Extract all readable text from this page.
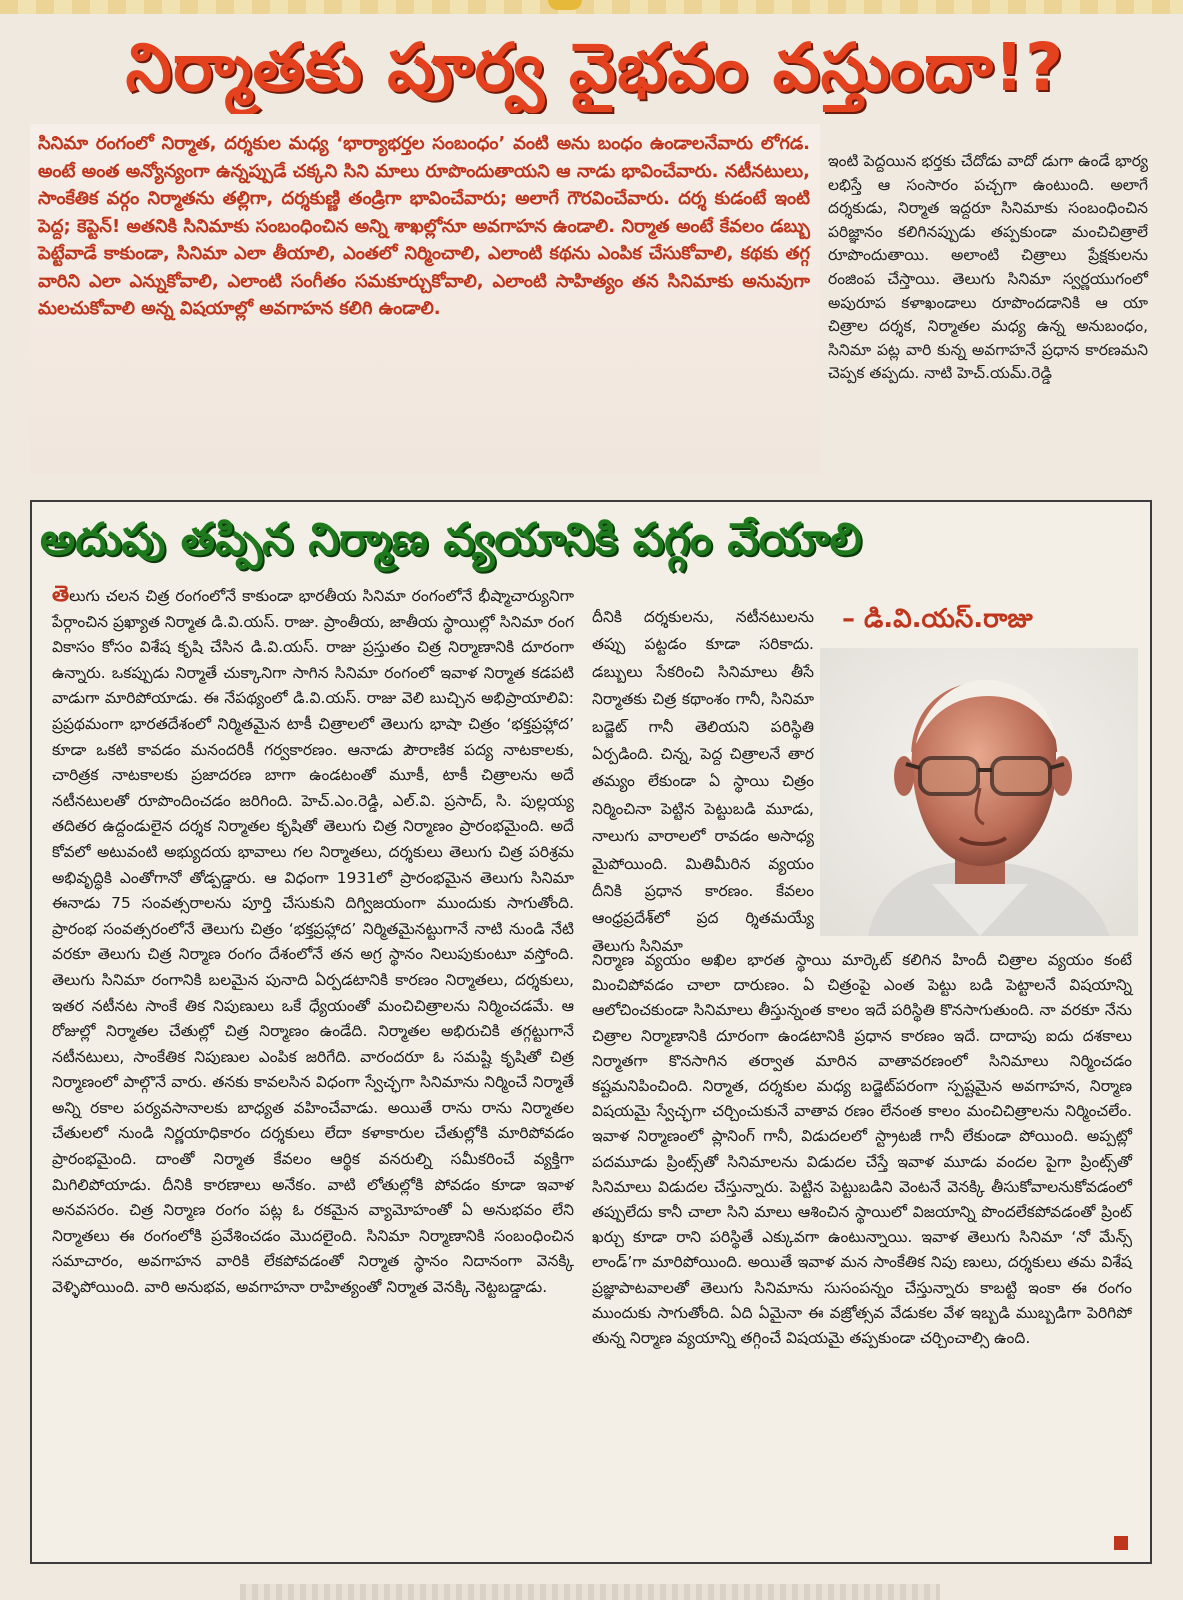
నిర్మాతకు పూర్వ వైభవం వస్తుందా!?

సినిమా రంగంలో నిర్మాత, దర్శకుల మధ్య ‘భార్యాభర్తల సంబంధం’ వంటి అను బంధం ఉండాలనేవారు లోగడ. అంటే అంత అన్యోన్యంగా ఉన్నప్పుడే చక్కని సిని మాలు రూపొందుతాయని ఆ నాడు భావించేవారు. నటీనటులు, సాంకేతిక వర్గం నిర్మాతను తల్లిగా, దర్శకుణ్ణి తండ్రిగా భావించేవారు; అలాగే గౌరవించేవారు. దర్శ కుడంటే ఇంటి పెద్ద; కెప్టెన్! అతనికి సినిమాకు సంబంధించిన అన్ని శాఖల్లోనూ అవగాహన ఉండాలి. నిర్మాత అంటే కేవలం డబ్బు పెట్టేవాడే కాకుండా, సినిమా ఎలా తీయాలి, ఎంతలో నిర్మించాలి, ఎలాంటి కథను ఎంపిక చేసుకోవాలి, కథకు తగ్గ వారిని ఎలా ఎన్నుకోవాలి, ఎలాంటి సంగీతం సమకూర్చుకోవాలి, ఎలాంటి సాహిత్యం తన సినిమాకు అనువుగా మలచుకోవాలి అన్న విషయాల్లో అవగాహన కలిగి ఉండాలి.

ఇంటి పెద్దయిన భర్తకు చేదోడు వాదో డుగా ఉండే భార్య లభిస్తే ఆ సంసారం పచ్చగా ఉంటుంది. అలాగే దర్శకుడు, నిర్మాత ఇద్దరూ సినిమాకు సంబంధించిన పరిజ్ఞానం కలిగినప్పుడు తప్పకుండా మంచిచిత్రాలే రూపొందుతాయి. అలాంటి చిత్రాలు ప్రేక్షకులను రంజింప చేస్తాయి. తెలుగు సినిమా స్వర్ణయుగంలో అపురూప కళాఖండాలు రూపొందడానికి ఆ యా చిత్రాల దర్శక, నిర్మాతల మధ్య ఉన్న అనుబంధం, సినిమా పట్ల వారి కున్న అవగాహనే ప్రధాన కారణమని చెప్పక తప్పదు. నాటి హెచ్.యమ్.రెడ్డి

అదుపు తప్పిన నిర్మాణ వ్యయానికి పగ్గం వేయాలి

– డి.వి.యస్.రాజు

తెలుగు చలన చిత్ర రంగంలోనే కాకుండా భారతీయ సినిమా రంగంలోనే భీష్మాచార్యునిగా పేర్గాంచిన ప్రఖ్యాత నిర్మాత డి.వి.యస్. రాజు. ప్రాంతీయ, జాతీయ స్థాయిల్లో సినిమా రంగ వికాసం కోసం విశేష కృషి చేసిన డి.వి.యస్. రాజు ప్రస్తుతం చిత్ర నిర్మాణానికి దూరంగా ఉన్నారు. ఒకప్పుడు నిర్మాతే చుక్కానిగా సాగిన సినిమా రంగంలో ఇవాళ నిర్మాత కడపటి వాడుగా మారిపోయాడు. ఈ నేపథ్యంలో డి.వి.యస్. రాజు వెలి బుచ్చిన అభిప్రాయాలివి: ప్రప్రథమంగా భారతదేశంలో నిర్మితమైన టాకీ చిత్రాలలో తెలుగు భాషా చిత్రం ‘భక్తప్రహ్లాద’ కూడా ఒకటి కావడం మనందరికీ గర్వకారణం. ఆనాడు పౌరాణిక పద్య నాటకాలకు, చారిత్రక నాటకాలకు ప్రజాదరణ బాగా ఉండటంతో మూకీ, టాకీ చిత్రాలను అదే నటీనటులతో రూపొందించడం జరిగింది. హెచ్.ఎం.రెడ్డి, ఎల్.వి. ప్రసాద్, సి. పుల్లయ్య తదితర ఉద్దండులైన దర్శక నిర్మాతల కృషితో తెలుగు చిత్ర నిర్మాణం ప్రారంభమైంది. అదే కోవలో అటువంటి అభ్యుదయ భావాలు గల నిర్మాతలు, దర్శకులు తెలుగు చిత్ర పరిశ్రమ అభివృద్ధికి ఎంతోగానో తోడ్పడ్డారు. ఆ విధంగా 1931లో ప్రారంభమైన తెలుగు సినిమా ఈనాడు 75 సంవత్సరాలను పూర్తి చేసుకుని దిగ్విజయంగా ముందుకు సాగుతోంది. ప్రారంభ సంవత్సరంలోనే తెలుగు చిత్రం ‘భక్తప్రహ్లాద’ నిర్మితమైనట్టుగానే నాటి నుండి నేటి వరకూ తెలుగు చిత్ర నిర్మాణ రంగం దేశంలోనే తన అగ్ర స్థానం నిలుపుకుంటూ వస్తోంది. తెలుగు సినిమా రంగానికి బలమైన పునాది ఏర్పడటానికి కారణం నిర్మాతలు, దర్శకులు, ఇతర నటీనట సాంకే తిక నిపుణులు ఒకే ధ్యేయంతో మంచిచిత్రాలను నిర్మించడమే. ఆ రోజుల్లో నిర్మాతల చేతుల్లో చిత్ర నిర్మాణం ఉండేది. నిర్మాతల అభిరుచికి తగ్గట్టుగానే నటీనటులు, సాంకేతిక నిపుణుల ఎంపిక జరిగేది. వారందరూ ఓ సమష్టి కృషితో చిత్ర నిర్మాణంలో పాల్గొనే వారు. తనకు కావలసిన విధంగా స్వేచ్ఛగా సినిమాను నిర్మించే నిర్మాతే అన్ని రకాల పర్యవసానాలకు బాధ్యత వహించేవాడు. అయితే రాను రాను నిర్మాతల చేతులలో నుండి నిర్ణయాధికారం దర్శకులు లేదా కళాకారుల చేతుల్లోకి మారిపోవడం ప్రారంభమైంది. దాంతో నిర్మాత కేవలం ఆర్థిక వనరుల్ని సమీకరించే వ్యక్తిగా మిగిలిపోయాడు. దీనికి కారణాలు అనేకం. వాటి లోతుల్లోకి పోవడం కూడా ఇవాళ అనవసరం. చిత్ర నిర్మాణ రంగం పట్ల ఓ రకమైన వ్యామోహంతో ఏ అనుభవం లేని నిర్మాతలు ఈ రంగంలోకి ప్రవేశించడం మొదలైంది. సినిమా నిర్మాణానికి సంబంధించిన సమాచారం, అవగాహన వారికి లేకపోవడంతో నిర్మాత స్థానం నిదానంగా వెనక్కి వెళ్ళిపోయింది. వారి అనుభవ, అవగాహనా రాహిత్యంతో నిర్మాత వెనక్కి నెట్టబడ్డాడు.

దీనికి దర్శకులను, నటీనటులను తప్పు పట్టడం కూడా సరికాదు. డబ్బులు సేకరించి సినిమాలు తీసే నిర్మాతకు చిత్ర కథాంశం గానీ, సినిమా బడ్జెట్ గానీ తెలియని పరిస్థితి ఏర్పడింది. చిన్న, పెద్ద చిత్రాలనే తార తమ్యం లేకుండా ఏ స్థాయి చిత్రం నిర్మించినా పెట్టిన పెట్టుబడి మూడు, నాలుగు వారాలలో రావడం అసాధ్య మైపోయింది. మితిమీరిన వ్యయం దీనికి ప్రధాన కారణం. కేవలం ఆంధ్రప్రదేశ్‌లో ప్రద ర్శితమయ్యే తెలుగు సినిమా

నిర్మాణ వ్యయం అఖిల భారత స్థాయి మార్కెట్ కలిగిన హిందీ చిత్రాల వ్యయం కంటే మించిపోవడం చాలా దారుణం. ఏ చిత్రంపై ఎంత పెట్టు బడి పెట్టాలనే విషయాన్ని ఆలోచించకుండా సినిమాలు తీస్తున్నంత కాలం ఇదే పరిస్థితి కొనసాగుతుంది. నా వరకూ నేను చిత్రాల నిర్మాణానికి దూరంగా ఉండటానికి ప్రధాన కారణం ఇదే. దాదాపు ఐదు దశకాలు నిర్మాతగా కొనసాగిన తర్వాత మారిన వాతావరణంలో సినిమాలు నిర్మించడం కష్టమనిపించింది. నిర్మాత, దర్శకుల మధ్య బడ్జెట్‌పరంగా స్పష్టమైన అవగాహన, నిర్మాణ విషయమై స్వేచ్ఛగా చర్చించుకునే వాతావ రణం లేనంత కాలం మంచిచిత్రాలను నిర్మించలేం. ఇవాళ నిర్మాణంలో ప్లానింగ్ గానీ, విడుదలలో స్ట్రాటజీ గానీ లేకుండా పోయింది. అప్పట్లో పదమూడు ప్రింట్స్‌తో సినిమాలను విడుదల చేస్తే ఇవాళ మూడు వందల పైగా ప్రింట్స్‌తో సినిమాలు విడుదల చేస్తున్నారు. పెట్టిన పెట్టుబడిని వెంటనే వెనక్కి తీసుకోవాలనుకోవడంలో తప్పులేదు కానీ చాలా సిని మాలు ఆశించిన స్థాయిలో విజయాన్ని పొందలేకపోవడంతో ప్రింట్ ఖర్చు కూడా రాని పరిస్థితే ఎక్కువగా ఉంటున్నాయి. ఇవాళ తెలుగు సినిమా ‘నో మేన్స్ లాండ్’గా మారిపోయింది. అయితే ఇవాళ మన సాంకేతిక నిపు ణులు, దర్శకులు తమ విశేష ప్రజ్ఞాపాటవాలతో తెలుగు సినిమాను సుసంపన్నం చేస్తున్నారు కాబట్టి ఇంకా ఈ రంగం ముందుకు సాగుతోంది. ఏది ఏమైనా ఈ వజ్రోత్సవ వేడుకల వేళ ఇబ్బడి ముబ్బడిగా పెరిగిపో తున్న నిర్మాణ వ్యయాన్ని తగ్గించే విషయమై తప్పకుండా చర్చించాల్సి ఉంది.
